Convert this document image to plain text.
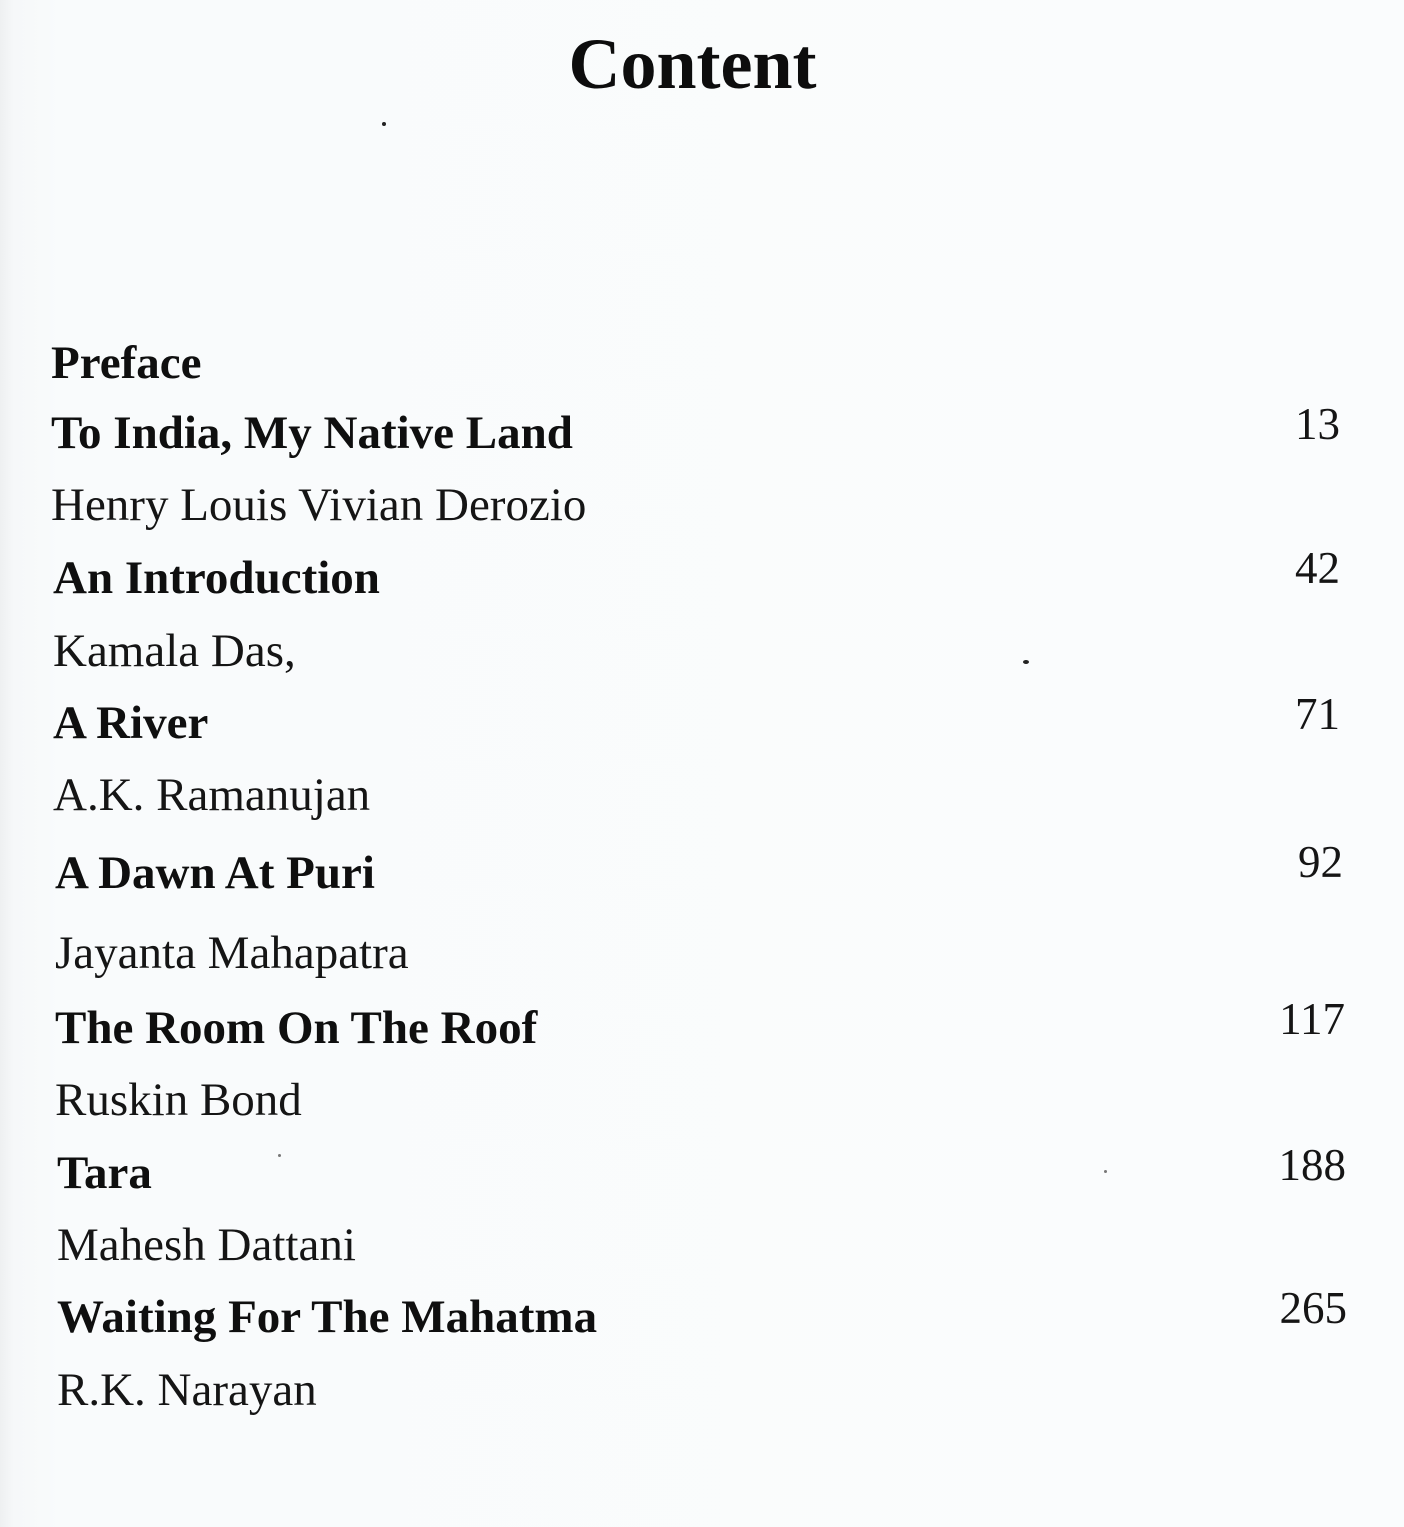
Content
Preface
To India, My Native Land	13
Henry Louis Vivian Derozio
An Introduction	42
Kamala Das,
A River	71
A.K. Ramanujan
A Dawn At Puri	92
Jayanta Mahapatra
The Room On The Roof	117
Ruskin Bond
Tara	188
Mahesh Dattani
Waiting For The Mahatma	265
R.K. Narayan
